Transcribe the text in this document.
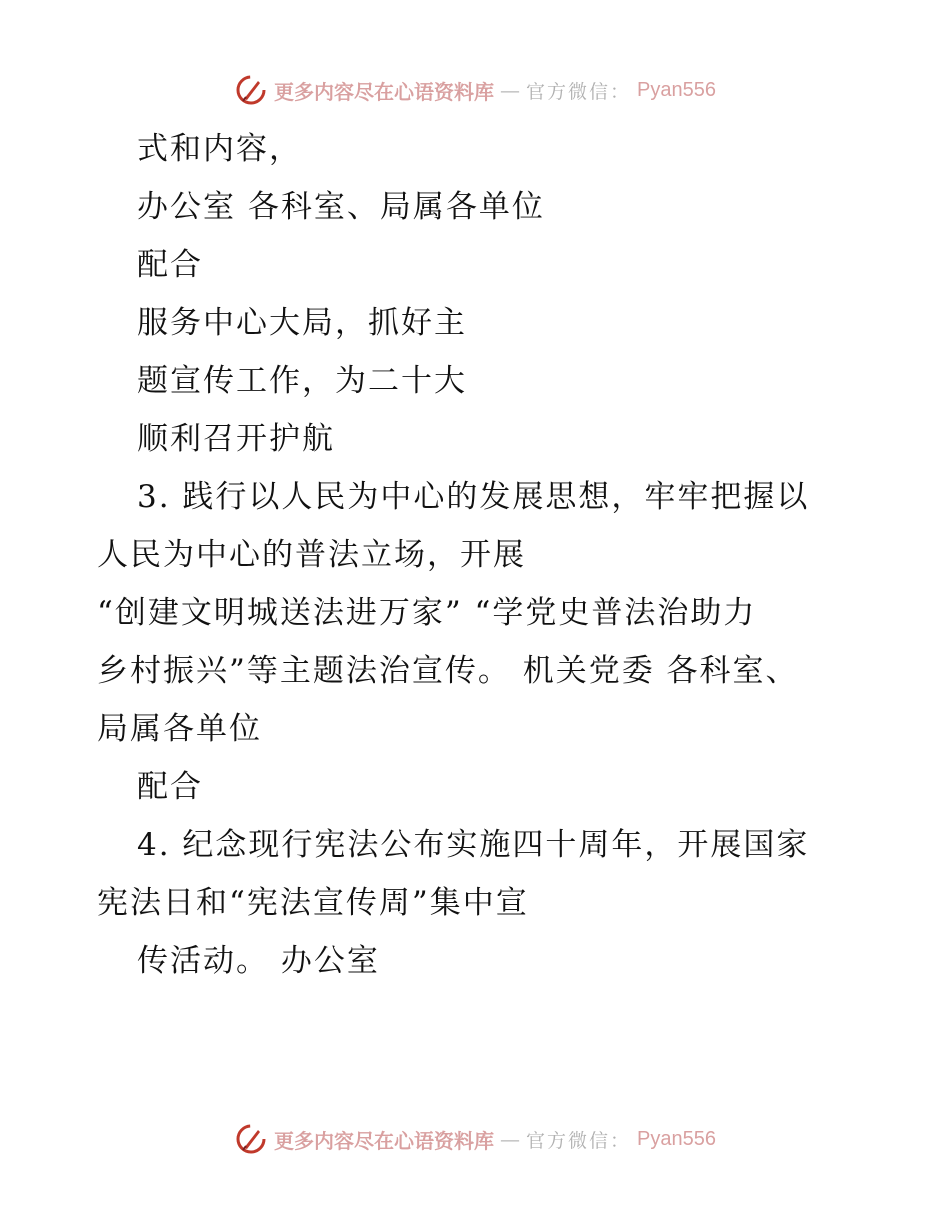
更多内容尽在心语资料库 — 官方微信： Pyan556
式和内容，
办公室 各科室、局属各单位
配合
服务中心大局，抓好主
题宣传工作，为二十大
顺利召开护航
3. 践行以人民为中心的发展思想，牢牢把握以
人民为中心的普法立场，开展
“创建文明城送法进万家” “学党史普法治助力
乡村振兴”等主题法治宣传。 机关党委 各科室、
局属各单位
配合
4. 纪念现行宪法公布实施四十周年，开展国家
宪法日和“宪法宣传周”集中宣
传活动。 办公室
更多内容尽在心语资料库 — 官方微信： Pyan556
